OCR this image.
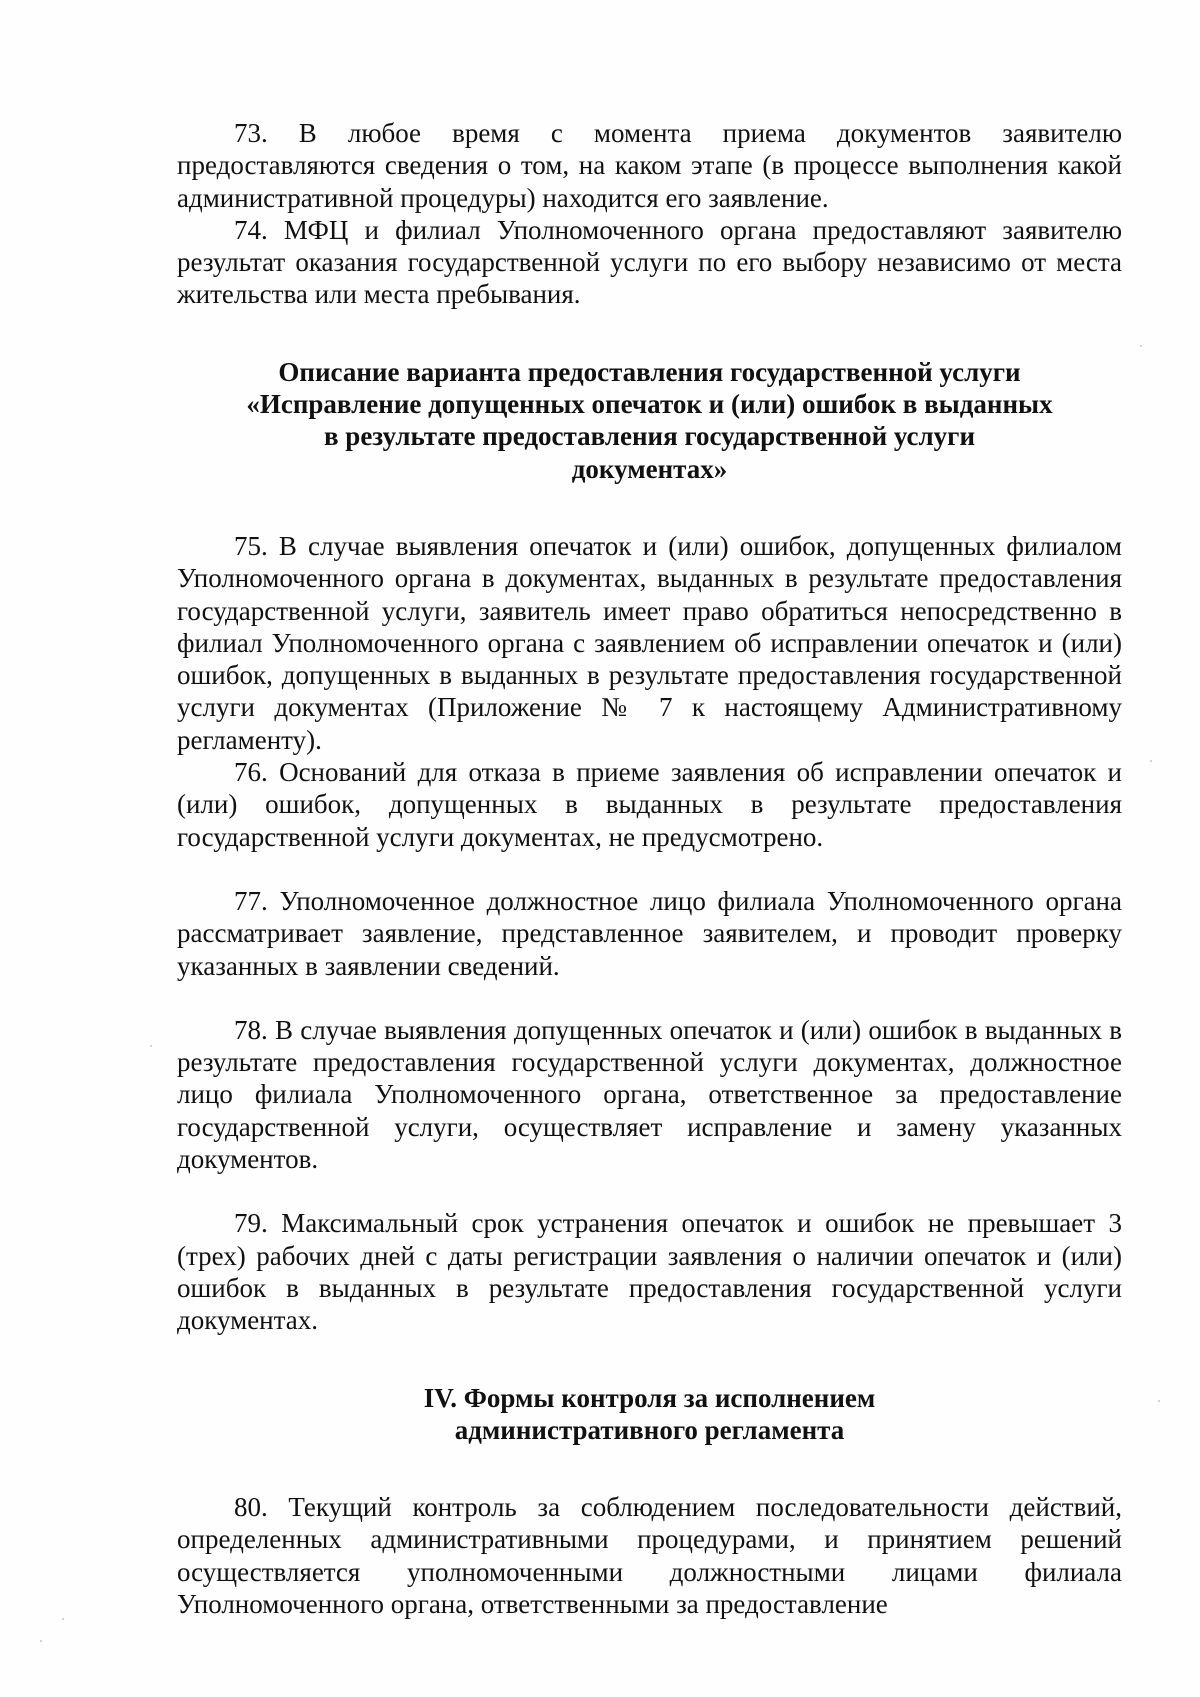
73. В любое время с момента приема документов заявителю предоставляются сведения о том, на каком этапе (в процессе выполнения какой административной процедуры) находится его заявление.

74. МФЦ и филиал Уполномоченного органа предоставляют заявителю результат оказания государственной услуги по его выбору независимо от места жительства или места пребывания.

Описание варианта предоставления государственной услуги
«Исправление допущенных опечаток и (или) ошибок в выданных
в результате предоставления государственной услуги
документах»

75. В случае выявления опечаток и (или) ошибок, допущенных филиалом Уполномоченного органа в документах, выданных в результате предоставления государственной услуги, заявитель имеет право обратиться непосредственно в филиал Уполномоченного органа с заявлением об исправлении опечаток и (или) ошибок, допущенных в выданных в результате предоставления государственной услуги документах (Приложение № 7 к настоящему Административному регламенту).

76. Оснований для отказа в приеме заявления об исправлении опечаток и (или) ошибок, допущенных в выданных в результате предоставления государственной услуги документах, не предусмотрено.

77. Уполномоченное должностное лицо филиала Уполномоченного органа рассматривает заявление, представленное заявителем, и проводит проверку указанных в заявлении сведений.

78. В случае выявления допущенных опечаток и (или) ошибок в выданных в результате предоставления государственной услуги документах, должностное лицо филиала Уполномоченного органа, ответственное за предоставление государственной услуги, осуществляет исправление и замену указанных документов.

79. Максимальный срок устранения опечаток и ошибок не превышает 3 (трех) рабочих дней с даты регистрации заявления о наличии опечаток и (или) ошибок в выданных в результате предоставления государственной услуги документах.

IV. Формы контроля за исполнением
административного регламента

80. Текущий контроль за соблюдением последовательности действий, определенных административными процедурами, и принятием решений осуществляется уполномоченными должностными лицами филиала Уполномоченного органа, ответственными за предоставление
